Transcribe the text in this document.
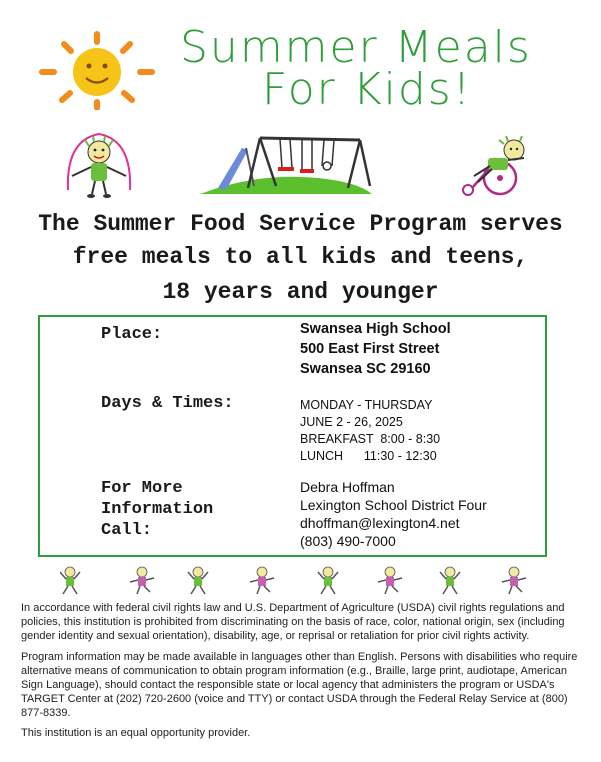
Summer Meals
For Kids!
The Summer Food Service Program serves
free meals to all kids and teens,
18 years and younger
Place:	Swansea High School
500 East First Street
Swansea SC 29160
Days & Times:	MONDAY - THURSDAY
JUNE 2 - 26, 2025
BREAKFAST  8:00 - 8:30
LUNCH      11:30 - 12:30
For More
Information
Call:
Debra Hoffman
Lexington School District Four
dhoffman@lexington4.net
(803) 490-7000
In accordance with federal civil rights law and U.S. Department of Agriculture (USDA) civil rights regulations and policies, this institution is prohibited from discriminating on the basis of race, color, national origin, sex (including gender identity and sexual orientation), disability, age, or reprisal or retaliation for prior civil rights activity.
Program information may be made available in languages other than English. Persons with disabilities who require alternative means of communication to obtain program information (e.g., Braille, large print, audiotape, American Sign Language), should contact the responsible state or local agency that administers the program or USDA's TARGET Center at (202) 720-2600 (voice and TTY) or contact USDA through the Federal Relay Service at (800) 877-8339.
This institution is an equal opportunity provider.
